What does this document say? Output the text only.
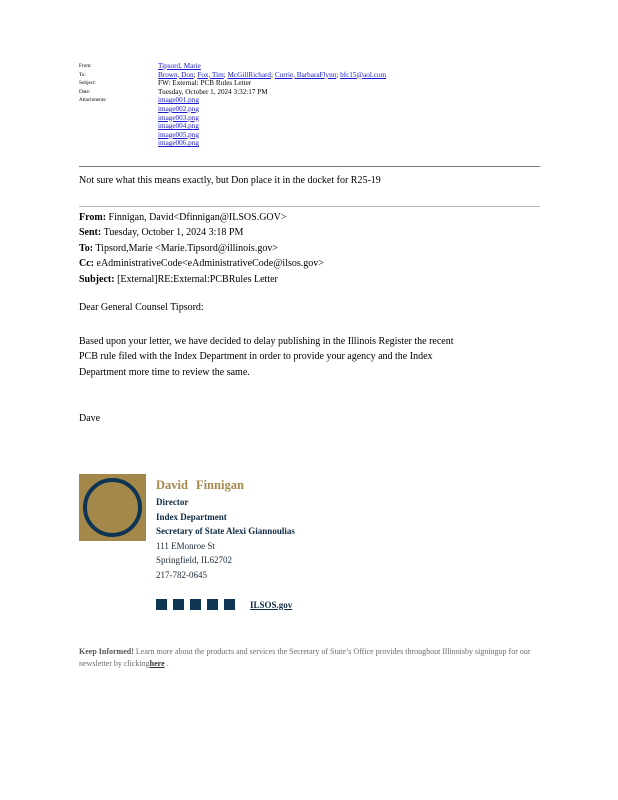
From:	Tipsord, Marie
To:	Brown, Don; Fox, Tim; McGillRichard; Currie, BarbaraFlynn; bfc15@aol.com
Subject:	FW: External: PCB Rules Letter
Date:	Tuesday, October 1, 2024 3:32:17 PM
Attachments:	image001.png
image002.png
image003.png
image004.png
image005.png
image006.png
Not sure what this means exactly, but Don place it in the docket for R25-19
From: Finnigan, David<Dfinnigan@ILSOS.GOV>
Sent: Tuesday, October 1, 2024 3:18 PM
To: Tipsord,Marie <Marie.Tipsord@illinois.gov>
Cc: eAdministrativeCode<eAdministrativeCode@ilsos.gov>
Subject: [External]RE:External:PCBRules Letter
Dear General Counsel Tipsord:
Based upon your letter, we have decided to delay publishing in the Illinois Register the recent
PCB rule filed with the Index Department in order to provide your agency and the Index
Department more time to review the same.
Dave
David Finnigan
Director
Index Department
Secretary of State Alexi Giannoulias
111 EMonroe St
Springfield, IL62702
217-782-0645
ILSOS.gov
Keep Informed! Learn more about the products and services the Secretary of State’s Office provides throughout Illinoisby signingup for our newsletter by clickinghere .
